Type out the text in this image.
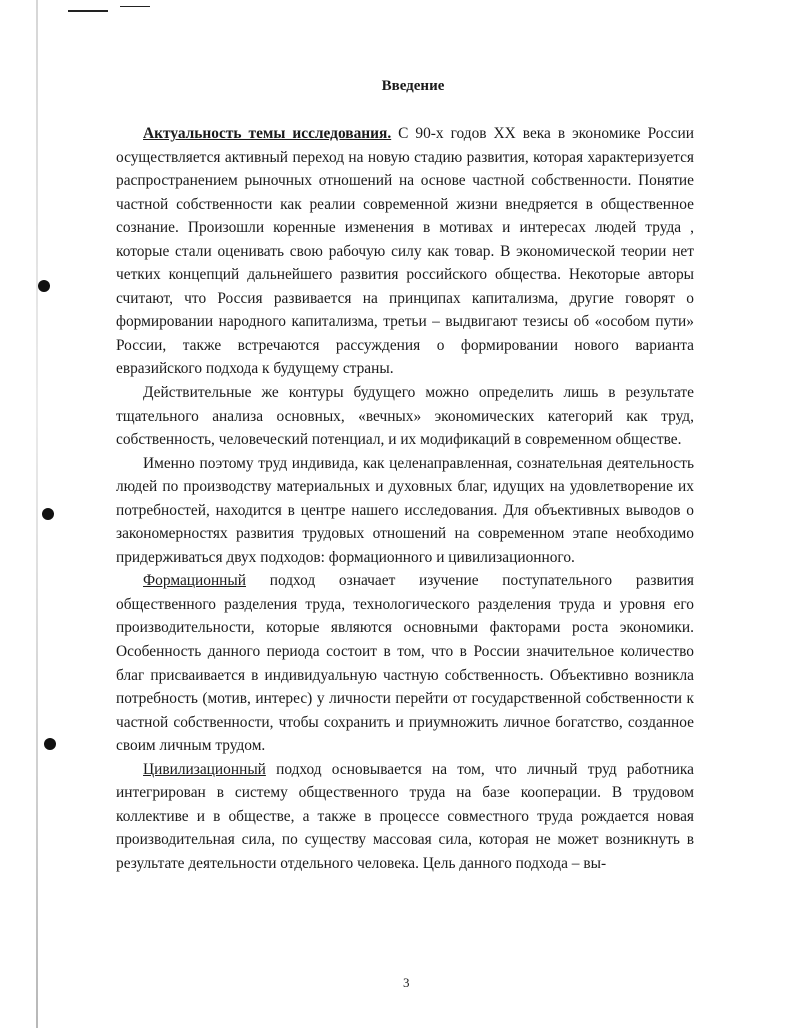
Введение

Актуальность темы исследования. С 90-х годов XX века в экономике России осуществляется активный переход на новую стадию развития, которая характеризуется распространением рыночных отношений на основе частной собственности. Понятие частной собственности как реалии современной жизни внедряется в общественное сознание. Произошли коренные изменения в мотивах и интересах людей труда , которые стали оценивать свою рабочую силу как товар. В экономической теории нет четких концепций дальнейшего развития российского общества. Некоторые авторы считают, что Россия развивается на принципах капитализма, другие говорят о формировании народного капитализма, третьи – выдвигают тезисы об «особом пути» России, также встречаются рассуждения о формировании нового варианта евразийского подхода к будущему страны.

Действительные же контуры будущего можно определить лишь в результате тщательного анализа основных, «вечных» экономических категорий как труд, собственность, человеческий потенциал, и их модификаций в современном обществе.

Именно поэтому труд индивида, как целенаправленная, сознательная деятельность людей по производству материальных и духовных благ, идущих на удовлетворение их потребностей, находится в центре нашего исследования. Для объективных выводов о закономерностях развития трудовых отношений на современном этапе необходимо придерживаться двух подходов: формационного и цивилизационного.

Формационный подход означает изучение поступательного развития общественного разделения труда, технологического разделения труда и уровня его производительности, которые являются основными факторами роста экономики. Особенность данного периода состоит в том, что в России значительное количество благ присваивается в индивидуальную частную собственность. Объективно возникла потребность (мотив, интерес) у личности перейти от государственной собственности к частной собственности, чтобы сохранить и приумножить личное богатство, созданное своим личным трудом.

Цивилизационный подход основывается на том, что личный труд работника интегрирован в систему общественного труда на базе кооперации. В трудовом коллективе и в обществе, а также в процессе совместного труда рождается новая производительная сила, по существу массовая сила, которая не может возникнуть в результате деятельности отдельного человека. Цель данного подхода – вы-

3
